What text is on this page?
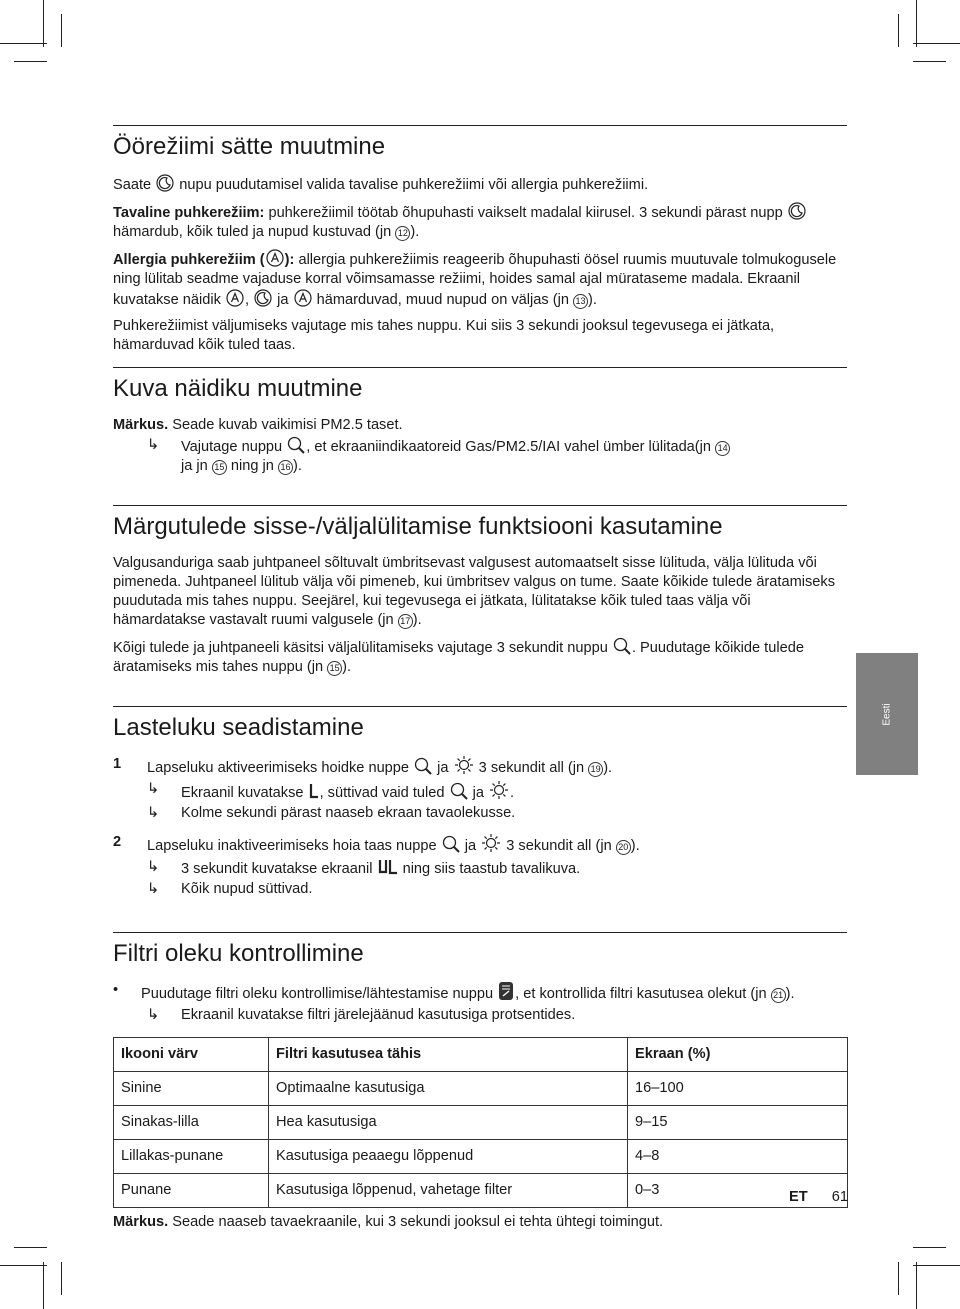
Öörežiimi sätte muutmine

Saate nupu puudutamisel valida tavalise puhkerežiimi või allergia puhkerežiimi.

Tavaline puhkerežiim: puhkerežiimil töötab õhupuhasti vaikselt madalal kiirusel. 3 sekundi pärast nupp
hämardub, kõik tuled ja nupud kustuvad (jn 12 ).

Allergia puhkerežiim ( ): allergia puhkerežiimis reageerib õhupuhasti öösel ruumis muutuvale tolmukogusele ning lülitab seadme vajaduse korral võimsamasse režiimi, hoides samal ajal mürataseme madala. Ekraanil kuvatakse näidik , ja hämarduvad, muud nupud on väljas (jn 13 ).

Puhkerežiimist väljumiseks vajutage mis tahes nuppu. Kui siis 3 sekundi jooksul tegevusega ei jätkata, hämarduvad kõik tuled taas.

Kuva näidiku muutmine

Märkus. Seade kuvab vaikimisi PM2.5 taset.

↳ Vajutage nuppu , et ekraaniindikaatoreid Gas/PM2.5/IAI vahel ümber lülitada(jn 14 ja jn 15 ning jn 16 ).
Märgutulede sisse-/väljalülitamise funktsiooni kasutamine

Valgusanduriga saab juhtpaneel sõltuvalt ümbritsevast valgusest automaatselt sisse lülituda, välja lülituda või pimeneda. Juhtpaneel lülitub välja või pimeneb, kui ümbritsev valgus on tume. Saate kõikide tulede äratamiseks puudutada mis tahes nuppu. Seejärel, kui tegevusega ei jätkata, lülitatakse kõik tuled taas välja või hämardatakse vastavalt ruumi valgusele (jn 17 ).

Kõigi tulede ja juhtpaneeli käsitsi väljalülitamiseks vajutage 3 sekundit nuppu . Puudutage kõikide tulede äratamiseks mis tahes nuppu (jn 15 ).

Lasteluku seadistamine
1 Lapseluku aktiveerimiseks hoidke nuppe ja 3 sekundit all (jn 19 ).
↳ Ekraanil kuvatakse , süttivad vaid tuled ja .
↳ Kolme sekundi pärast naaseb ekraan tavaolekusse.
2 Lapseluku inaktiveerimiseks hoia taas nuppe ja 3 sekundit all (jn 20 ).
↳ 3 sekundit kuvatakse ekraanil ning siis taastub tavalikuva.
↳ Kõik nupud süttivad.
Filtri oleku kontrollimine
• Puudutage filtri oleku kontrollimise/lähtestamise nuppu , et kontrollida filtri kasutusea olekut (jn 21 ).
↳ Ekraanil kuvatakse filtri järelejäänud kasutusiga protsentides.
Ikooni värv	Filtri kasutusea tähis	Ekraan (%)
Sinine	Optimaalne kasutusiga	16–100
Sinakas-lilla	Hea kasutusiga	9–15
Lillakas-punane	Kasutusiga peaaegu lõppenud	4–8
Punane	Kasutusiga lõppenud, vahetage filter	0–3

Märkus. Seade naaseb tavaekraanile, kui 3 sekundi jooksul ei tehta ühtegi toimingut.

Eesti
ET 61
